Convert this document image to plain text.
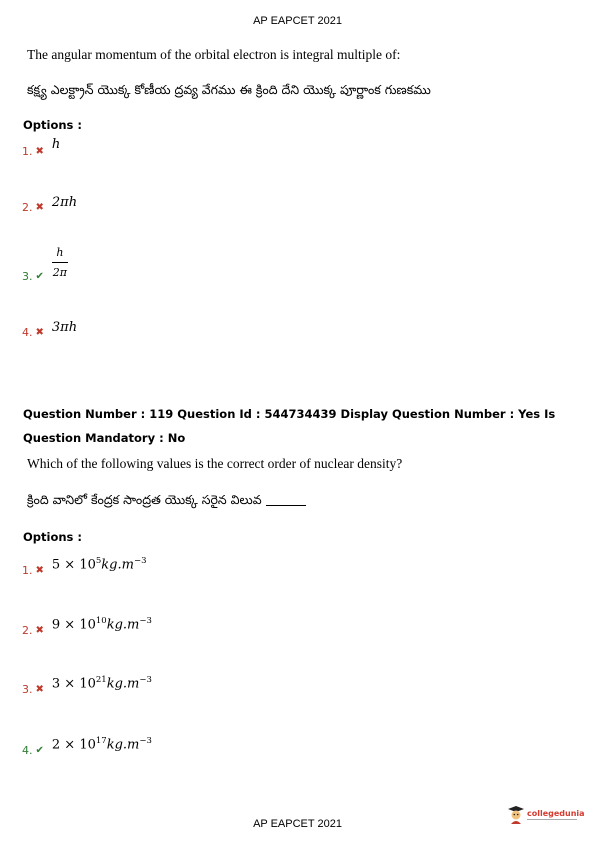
AP EAPCET 2021
The angular momentum of the orbital electron is integral multiple of:
కక్ష్య ఎలక్ట్రాన్ యొక్క కోణీయ ద్రవ్య వేగము ఈ క్రింది దేని యొక్క పూర్ణాంక గుణకము
Options :
1. ✖ h
2. ✖ 2πh
3. ✔ $\frac{h}{2\pi}$
4. ✖ 3πh
Question Number : 119 Question Id : 544734439 Display Question Number : Yes Is Question Mandatory : No
Which of the following values is the correct order of nuclear density?
క్రింది వానిలో కేంద్రక సాంద్రత యొక్క సరైన విలువ
Options :
1. ✖ $5 \times 10^5kg.m^{-3}$
2. ✖ $9 \times 10^{10}kg.m^{-3}$
3. ✖ $3 \times 10^{21}kg.m^{-3}$
4. ✔ $2 \times 10^{17}kg.m^{-3}$
AP EAPCET 2021
collegedunia
